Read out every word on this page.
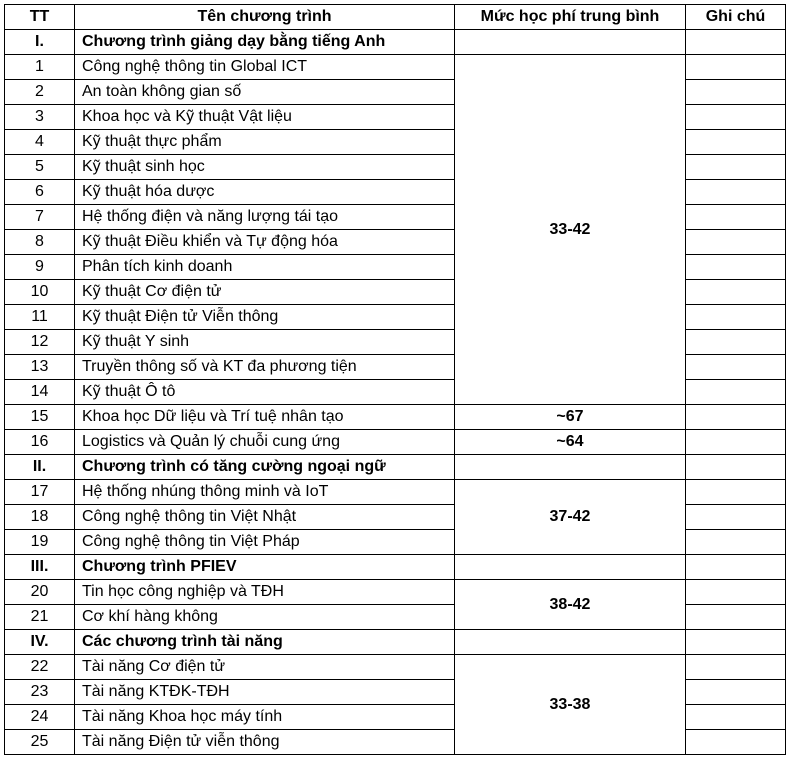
TT	Tên chương trình	Mức học phí trung bình	Ghi chú
I.	Chương trình giảng dạy bằng tiếng Anh		
1	Công nghệ thông tin Global ICT	33-42	
2	An toàn không gian số		
3	Khoa học và Kỹ thuật Vật liệu		
4	Kỹ thuật thực phẩm		
5	Kỹ thuật sinh học		
6	Kỹ thuật hóa dược		
7	Hệ thống điện và năng lượng tái tạo		
8	Kỹ thuật Điều khiển và Tự động hóa		
9	Phân tích kinh doanh		
10	Kỹ thuật Cơ điện tử		
11	Kỹ thuật Điện tử Viễn thông		
12	Kỹ thuật Y sinh		
13	Truyền thông số và KT đa phương tiện		
14	Kỹ thuật Ô tô		
15	Khoa học Dữ liệu và Trí tuệ nhân tạo	~67	
16	Logistics và Quản lý chuỗi cung ứng	~64	
II.	Chương trình có tăng cường ngoại ngữ		
17	Hệ thống nhúng thông minh và IoT	37-42	
18	Công nghệ thông tin Việt Nhật		
19	Công nghệ thông tin Việt Pháp		
III.	Chương trình PFIEV		
20	Tin học công nghiệp và TĐH	38-42	
21	Cơ khí hàng không		
IV.	Các chương trình tài năng		
22	Tài năng Cơ điện tử	33-38	
23	Tài năng KTĐK-TĐH		
24	Tài năng Khoa học máy tính		
25	Tài năng Điện tử viễn thông		
